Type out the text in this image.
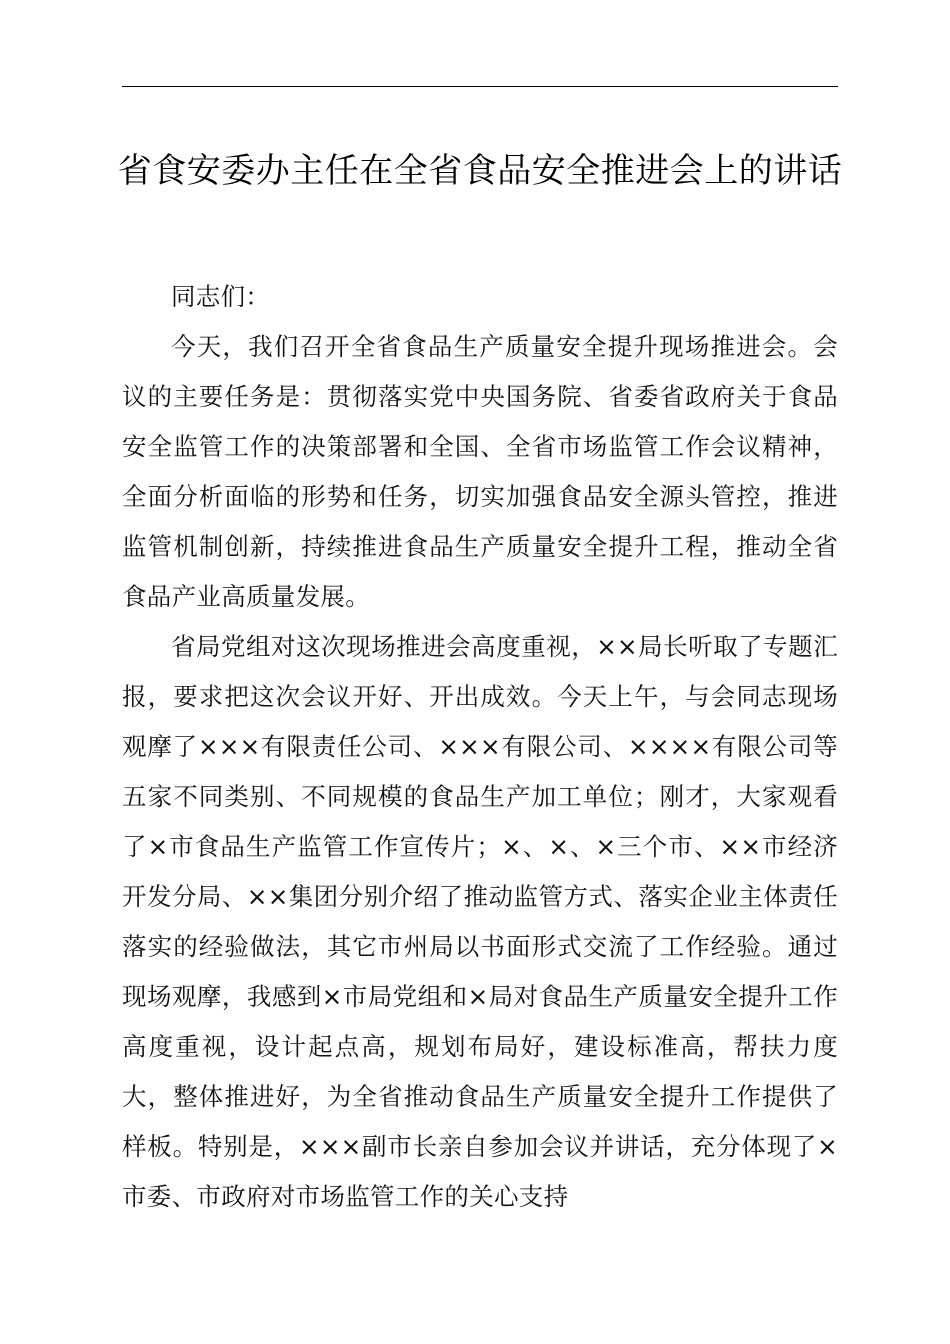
省食安委办主任在全省食品安全推进会上的讲话

同志们：

今天，我们召开全省食品生产质量安全提升现场推进会。会议的主要任务是：贯彻落实党中央国务院、省委省政府关于食品安全监管工作的决策部署和全国、全省市场监管工作会议精神，全面分析面临的形势和任务，切实加强食品安全源头管控，推进监管机制创新，持续推进食品生产质量安全提升工程，推动全省食品产业高质量发展。

省局党组对这次现场推进会高度重视，××局长听取了专题汇报，要求把这次会议开好、开出成效。今天上午，与会同志现场观摩了×××有限责任公司、×××有限公司、××××有限公司等五家不同类别、不同规模的食品生产加工单位；刚才，大家观看了×市食品生产监管工作宣传片；×、×、×三个市、××市经济开发分局、××集团分别介绍了推动监管方式、落实企业主体责任落实的经验做法，其它市州局以书面形式交流了工作经验。通过现场观摩，我感到×市局党组和×局对食品生产质量安全提升工作高度重视，设计起点高，规划布局好，建设标准高，帮扶力度大，整体推进好，为全省推动食品生产质量安全提升工作提供了样板。特别是，×××副市长亲自参加会议并讲话，充分体现了×市委、市政府对市场监管工作的关心支持
